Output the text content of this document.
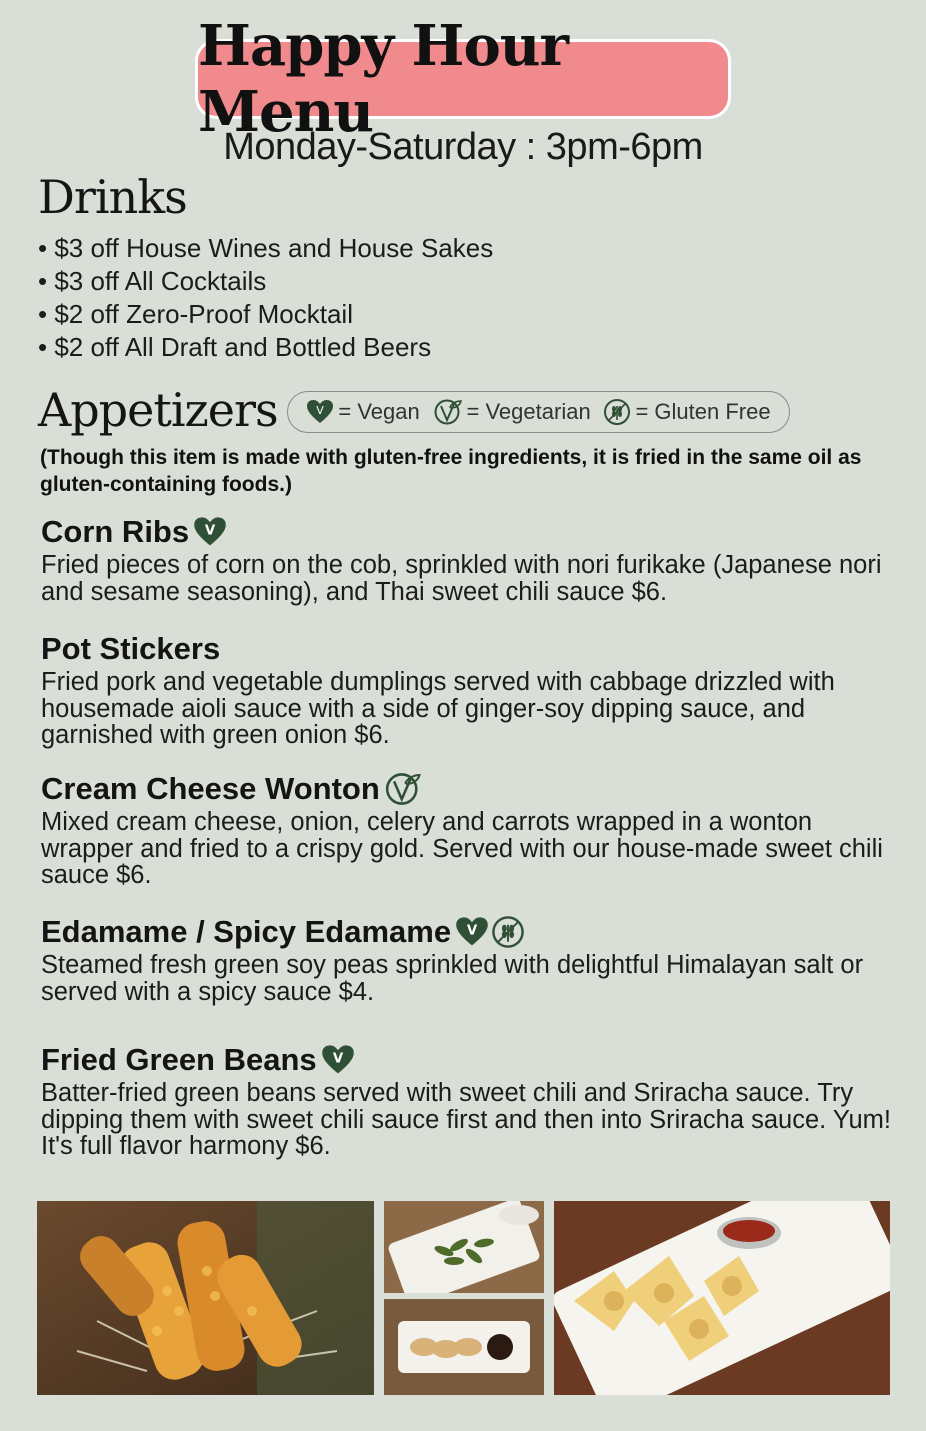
Happy Hour Menu
Monday-Saturday : 3pm-6pm
Drinks
• $3 off House Wines and House Sakes
• $3 off All Cocktails
• $2 off Zero-Proof Mocktail
• $2 off All Draft and Bottled Beers
Appetizers	V = Vegan = Vegetarian = Gluten Free
(Though this item is made with gluten-free ingredients, it is fried in the same oil as gluten-containing foods.)
Corn Ribs V
Fried pieces of corn on the cob, sprinkled with nori furikake (Japanese nori and sesame seasoning), and Thai sweet chili sauce $6.
Pot Stickers
Fried pork and vegetable dumplings served with cabbage drizzled with housemade aioli sauce with a side of ginger-soy dipping sauce, and garnished with green onion $6.
Cream Cheese Wonton
Mixed cream cheese, onion, celery and carrots wrapped in a wonton wrapper and fried to a crispy gold. Served with our house-made sweet chili sauce $6.
Edamame / Spicy Edamame V
Steamed fresh green soy peas sprinkled with delightful Himalayan salt or served with a spicy sauce $4.
Fried Green Beans V
Batter-fried green beans served with sweet chili and Sriracha sauce. Try dipping them with sweet chili sauce first and then into Sriracha sauce. Yum! It's full flavor harmony $6.
